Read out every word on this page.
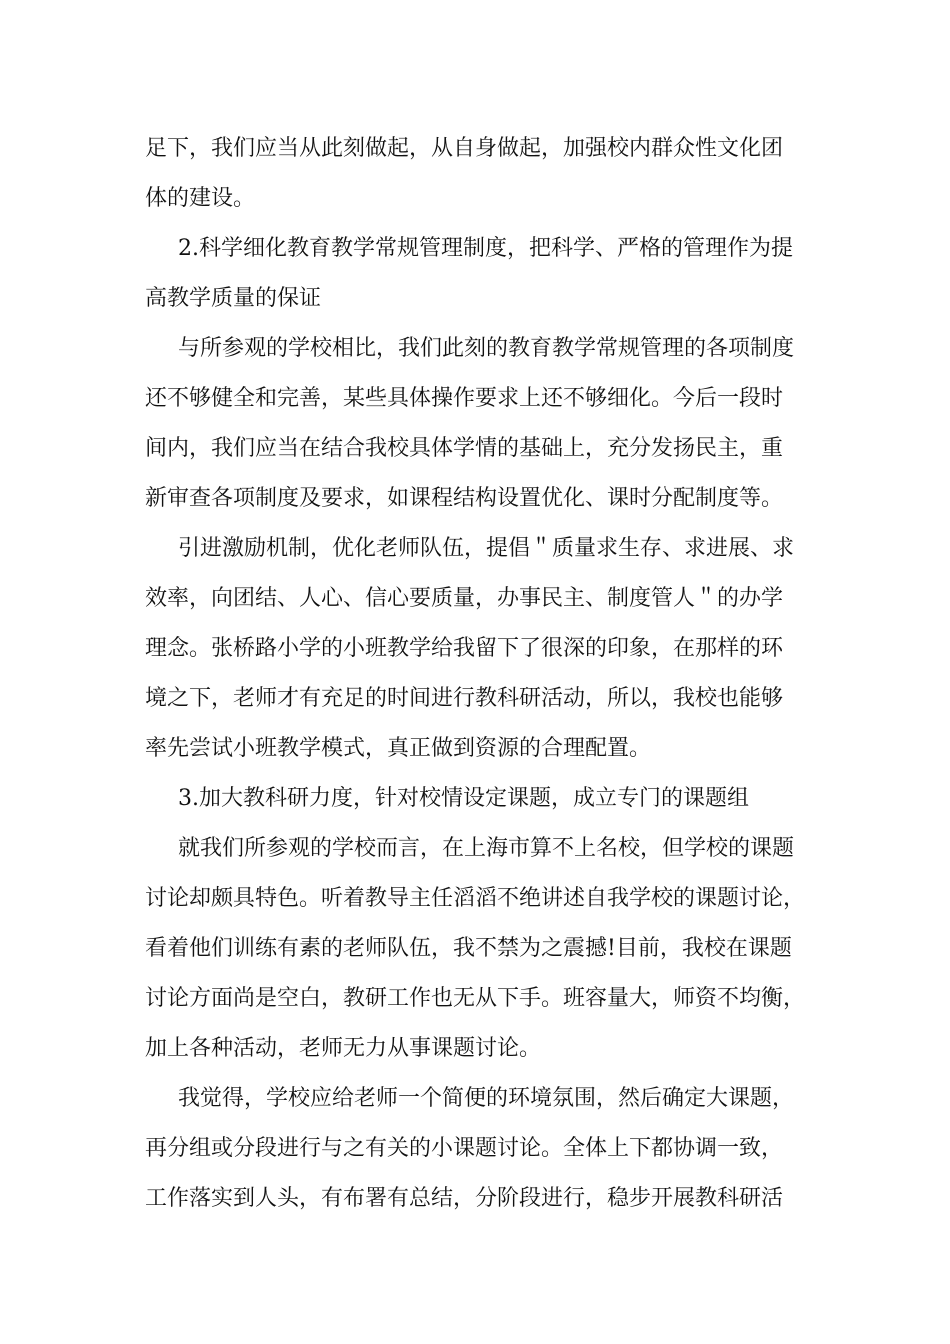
足下，我们应当从此刻做起，从自身做起，加强校内群众性文化团
体的建设。
2.科学细化教育教学常规管理制度，把科学、严格的管理作为提
高教学质量的保证
与所参观的学校相比，我们此刻的教育教学常规管理的各项制度
还不够健全和完善，某些具体操作要求上还不够细化。今后一段时
间内，我们应当在结合我校具体学情的基础上，充分发扬民主，重
新审查各项制度及要求，如课程结构设置优化、课时分配制度等。
引进激励机制，优化老师队伍，提倡＂质量求生存、求进展、求
效率，向团结、人心、信心要质量，办事民主、制度管人＂的办学
理念。张桥路小学的小班教学给我留下了很深的印象，在那样的环
境之下，老师才有充足的时间进行教科研活动，所以，我校也能够
率先尝试小班教学模式，真正做到资源的合理配置。
3.加大教科研力度，针对校情设定课题，成立专门的课题组
就我们所参观的学校而言，在上海市算不上名校，但学校的课题
讨论却颇具特色。听着教导主任滔滔不绝讲述自我学校的课题讨论，
看着他们训练有素的老师队伍，我不禁为之震撼!目前，我校在课题
讨论方面尚是空白，教研工作也无从下手。班容量大，师资不均衡，
加上各种活动，老师无力从事课题讨论。
我觉得，学校应给老师一个简便的环境氛围，然后确定大课题，
再分组或分段进行与之有关的小课题讨论。全体上下都协调一致，
工作落实到人头，有布署有总结，分阶段进行，稳步开展教科研活
